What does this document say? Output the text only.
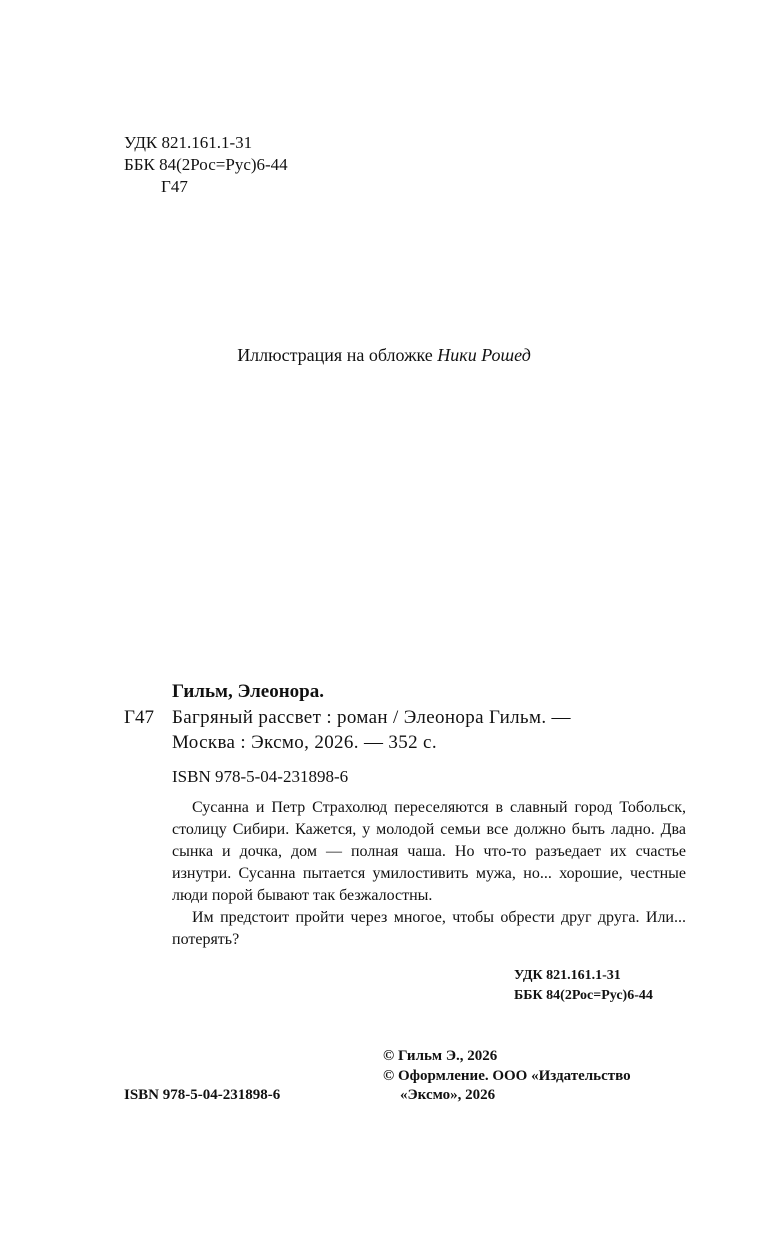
УДК 821.161.1-31
ББК 84(2Рос=Рус)6-44
Г47
Иллюстрация на обложке Ники Рошед
Гильм, Элеонора.
Г47 Багряный рассвет : роман / Элеонора Гильм. —
Москва : Эксмо, 2026. — 352 с.
ISBN 978-5-04-231898-6

Сусанна и Петр Страхолюд переселяются в славный город Тобольск, столицу Сибири. Кажется, у молодой семьи все должно быть ладно. Два сынка и дочка, дом — полная чаша. Но что-то разъедает их счастье изнутри. Сусанна пытается умилостивить мужа, но... хорошие, честные люди порой бывают так безжалостны.

Им предстоит пройти через многое, чтобы обрести друг друга. Или... потерять?

УДК 821.161.1-31
ББК 84(2Рос=Рус)6-44
© Гильм Э., 2026
© Оформление. ООО «Издательство
«Эксмо», 2026
ISBN 978-5-04-231898-6
